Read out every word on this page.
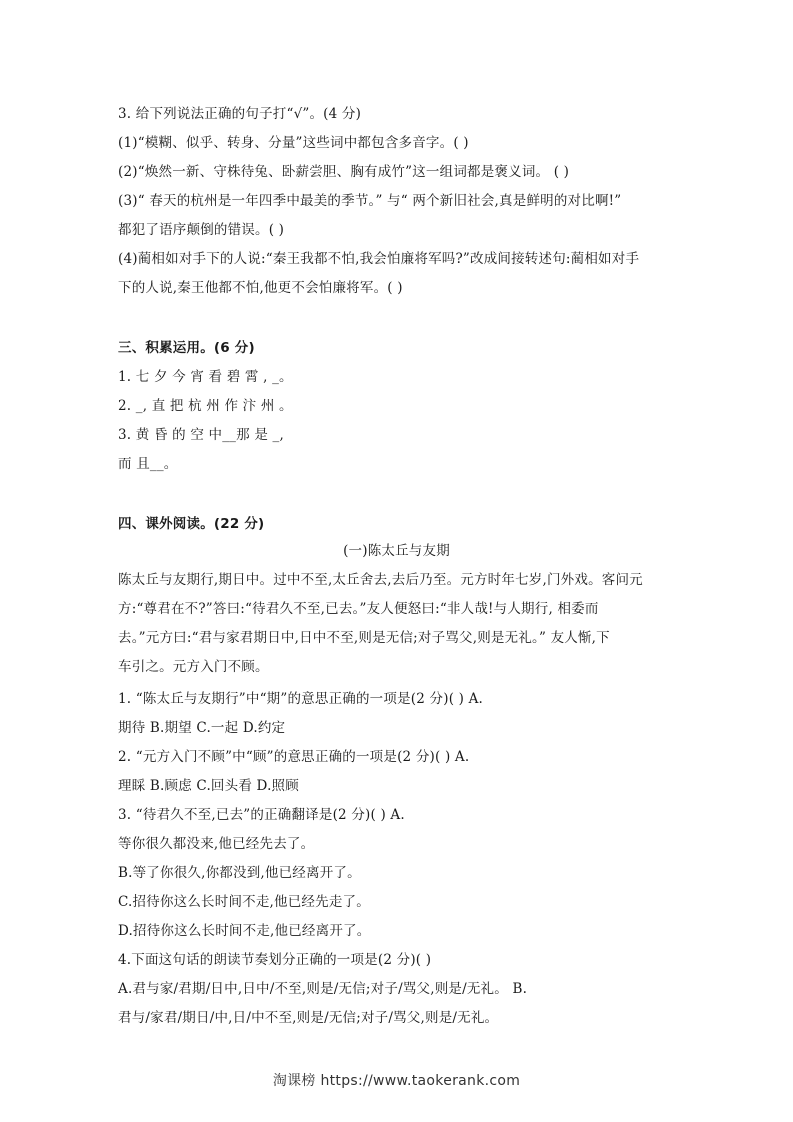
3. 给下列说法正确的句子打“√”。(4 分)
(1)“模糊、似乎、转身、分量”这些词中都包含多音字。( )
(2)“焕然一新、守株待兔、卧薪尝胆、胸有成竹”这一组词都是褒义词。 ( )
(3)“ 春天的杭州是一年四季中最美的季节。” 与“ 两个新旧社会,真是鲜明的对比啊!”
都犯了语序颠倒的错误。( )
(4)蔺相如对手下的人说:“秦王我都不怕,我会怕廉将军吗?”改成间接转述句:蔺相如对手
下的人说,秦王他都不怕,他更不会怕廉将军。( )
三、积累运用。(6 分)
1. 七 夕 今 宵 看 碧 霄 , _。
2. _, 直 把 杭 州 作 汴 州 。
3. 黄 昏 的 空 中__那 是 _,
而 且__。
四、课外阅读。(22 分)
(一)陈太丘与友期
陈太丘与友期行,期日中。过中不至,太丘舍去,去后乃至。元方时年七岁,门外戏。客问元
方:“尊君在不?”答曰:“待君久不至,已去。”友人便怒曰:“非人哉!与人期行, 相委而
去。”元方曰:“君与家君期日中,日中不至,则是无信;对子骂父,则是无礼。” 友人惭,下
车引之。元方入门不顾。
1. “陈太丘与友期行”中“期”的意思正确的一项是(2 分)( ) A.
期待 B.期望 C.一起 D.约定
2. “元方入门不顾”中“顾”的意思正确的一项是(2 分)( ) A.
理睬 B.顾虑 C.回头看 D.照顾
3. “待君久不至,已去”的正确翻译是(2 分)( ) A.
等你很久都没来,他已经先去了。
B.等了你很久,你都没到,他已经离开了。
C.招待你这么长时间不走,他已经先走了。
D.招待你这么长时间不走,他已经离开了。
4.下面这句话的朗读节奏划分正确的一项是(2 分)( )
A.君与家/君期/日中,日中/不至,则是/无信;对子/骂父,则是/无礼。 B.
君与/家君/期日/中,日/中不至,则是/无信;对子/骂父,则是/无礼。
淘课榜 https://www.taokerank.com
